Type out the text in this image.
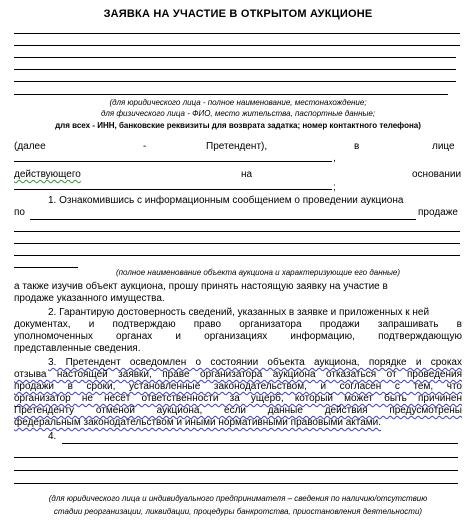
ЗАЯВКА НА УЧАСТИЕ В ОТКРЫТОМ АУКЦИОНЕ
(для юридического лица - полное наименование, местонахождение;
для физического лица - ФИО, место жительства, паспортные данные;
для всех - ИНН, банковские реквизиты для возврата задатка; номер контактного телефона)
(далее	-	Претендент),	в	лице
,
действующего	на	основании
;
1. Ознакомившись с информационным сообщением о проведении аукциона
по	продаже
(полное наименование объекта аукциона и характеризующие его данные)
а также изучив объект аукциона, прошу принять настоящую заявку на участие в
продаже указанного имущества.
2. Гарантирую достоверность сведений, указанных в заявке и приложенных к ней
документах, и подтверждаю право организатора продажи запрашивать в
уполномоченных органах и организациях информацию, подтверждающую
представленные сведения.
3. Претендент осведомлен о состоянии объекта аукциона, порядке и сроках
отзыва настоящей заявки, праве организатора аукциона отказаться от проведения
продажи в сроки, установленные законодательством, и согласен с тем, что
организатор не несёт ответственности за ущерб, который может быть причинен
Претенденту отменой аукциона, если данные действия предусмотрены
федеральным законодательством и иными нормативными правовыми актами.
4.
(для юридического лица и индивидуального предпринимателя – сведения по наличию/отсутствию
стадии реорганизации, ликвидации, процедуры банкротства, приостановления деятельности)
